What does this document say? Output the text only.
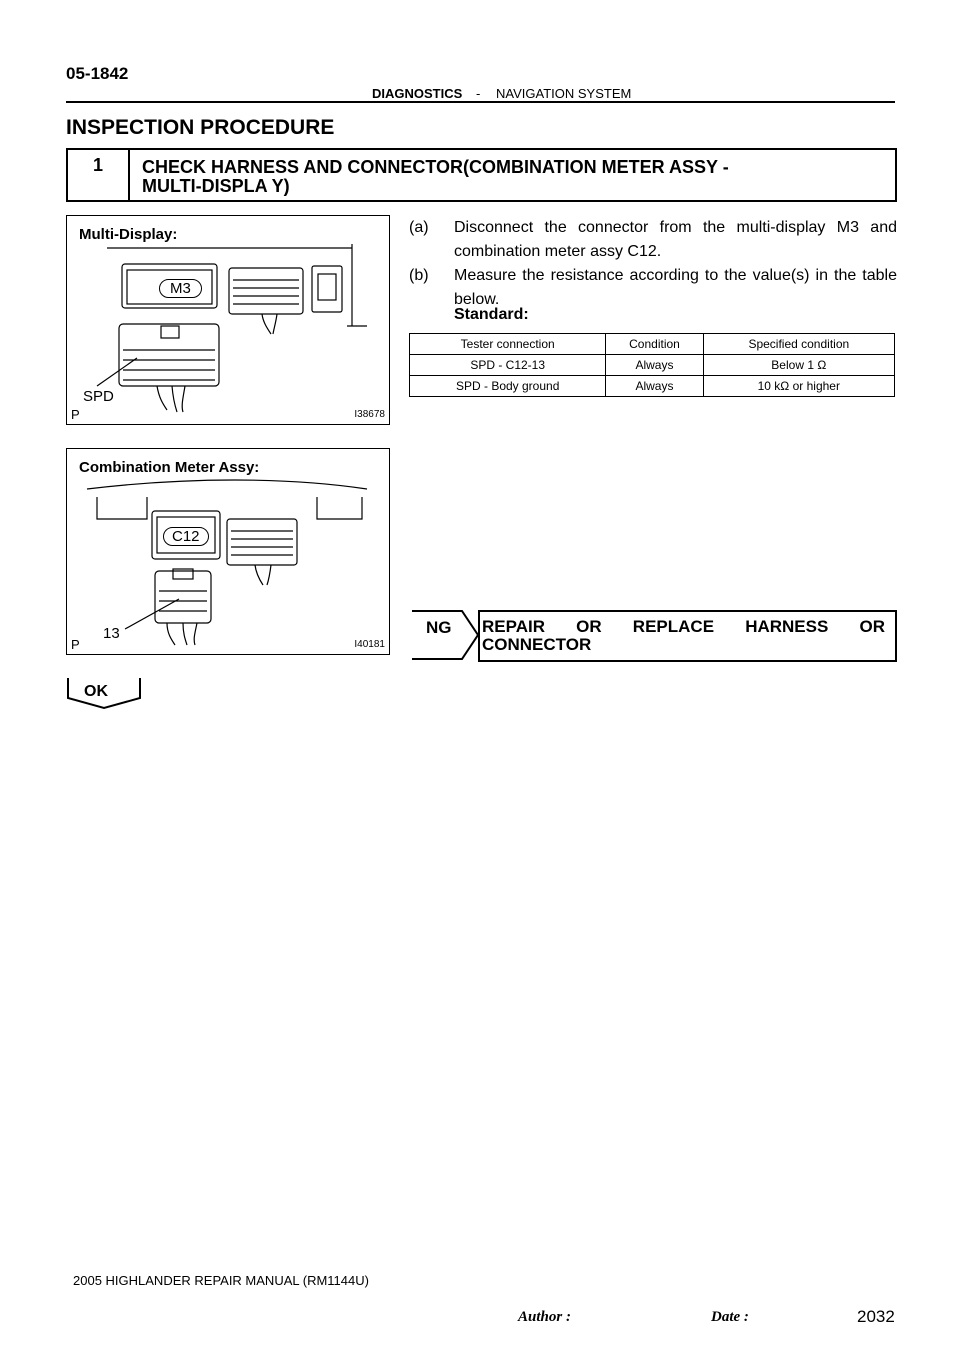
05-1842
DIAGNOSTICS - NAVIGATION SYSTEM
INSPECTION PROCEDURE
1	CHECK HARNESS AND CONNECTOR(COMBINATION METER ASSY -
MULTI-DISPLA Y)
M3
SPD
Multi-Display:
P	I38678
C12
13
Combination Meter Assy:
P	I40181
(a) Disconnect the connector from the multi-display M3 and combination meter assy C12.
(b) Measure the resistance according to the value(s) in the table below.
Standard:
Tester connection	Condition	Specified condition
SPD - C12-13	Always	Below 1 Ω
SPD - Body ground	Always	10 kΩ or higher
NG REPAIR OR REPLACE HARNESS OR
CONNECTOR
OK
2005 HIGHLANDER REPAIR MANUAL (RM1144U)
Author :	Date :	2032
